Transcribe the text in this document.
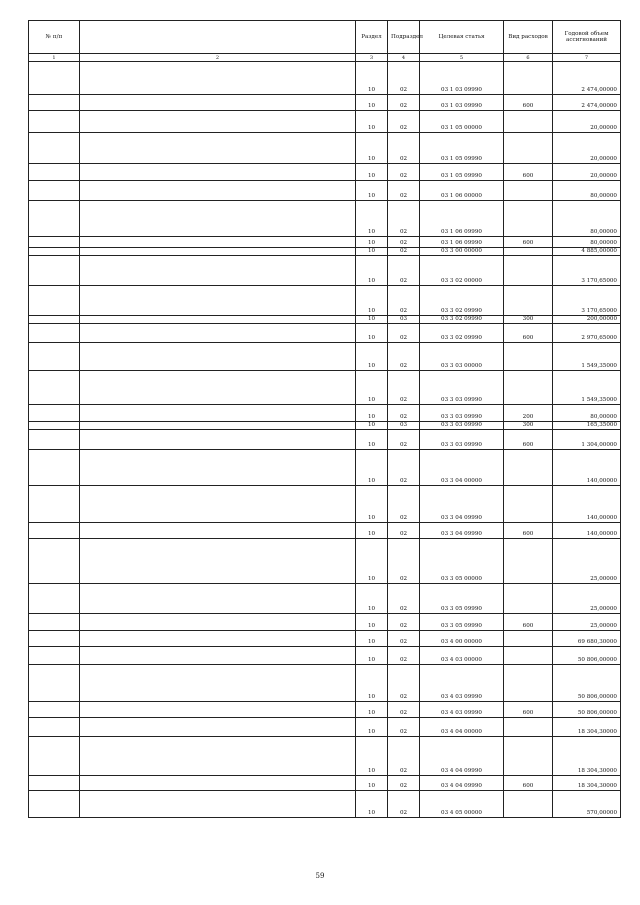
№ п/п		Раздел	Подраздел	Целевая статья	Вид расходов	Годовой объем ассигнований
1	2	3	4	5	6	7
		10	02	03 1 03 09990		2 474,00000
		10	02	03 1 03 09990	600	2 474,00000
		10	02	03 1 05 00000		20,00000
		10	02	03 1 05 09990		20,00000
		10	02	03 1 05 09990	600	20,00000
		10	02	03 1 06 00000		80,00000
		10	02	03 1 06 09990		80,00000
		10	02	03 1 06 09990	600	80,00000
		10	02	03 3 00 00000		4 885,00000
		10	02	03 3 02 00000		3 170,65000
		10	02	03 3 02 09990		3 170,65000
		10	03	03 3 02 09990	300	200,00000
		10	02	03 3 02 09990	600	2 970,65000
		10	02	03 3 03 00000		1 549,35000
		10	02	03 3 03 09990		1 549,35000
		10	02	03 3 03 09990	200	80,00000
		10	03	03 3 03 09990	300	165,35000
		10	02	03 3 03 09990	600	1 304,00000
		10	02	03 3 04 00000		140,00000
		10	02	03 3 04 09990		140,00000
		10	02	03 3 04 09990	600	140,00000
		10	02	03 3 05 00000		25,00000
		10	02	03 3 05 09990		25,00000
		10	02	03 3 05 09990	600	25,00000
		10	02	03 4 00 00000		69 680,30000
		10	02	03 4 03 00000		50 806,00000
		10	02	03 4 03 09990		50 806,00000
		10	02	03 4 03 09990	600	50 806,00000
		10	02	03 4 04 00000		18 304,30000
		10	02	03 4 04 09990		18 304,30000
		10	02	03 4 04 09990	600	18 304,30000
		10	02	03 4 05 00000		570,00000
59
